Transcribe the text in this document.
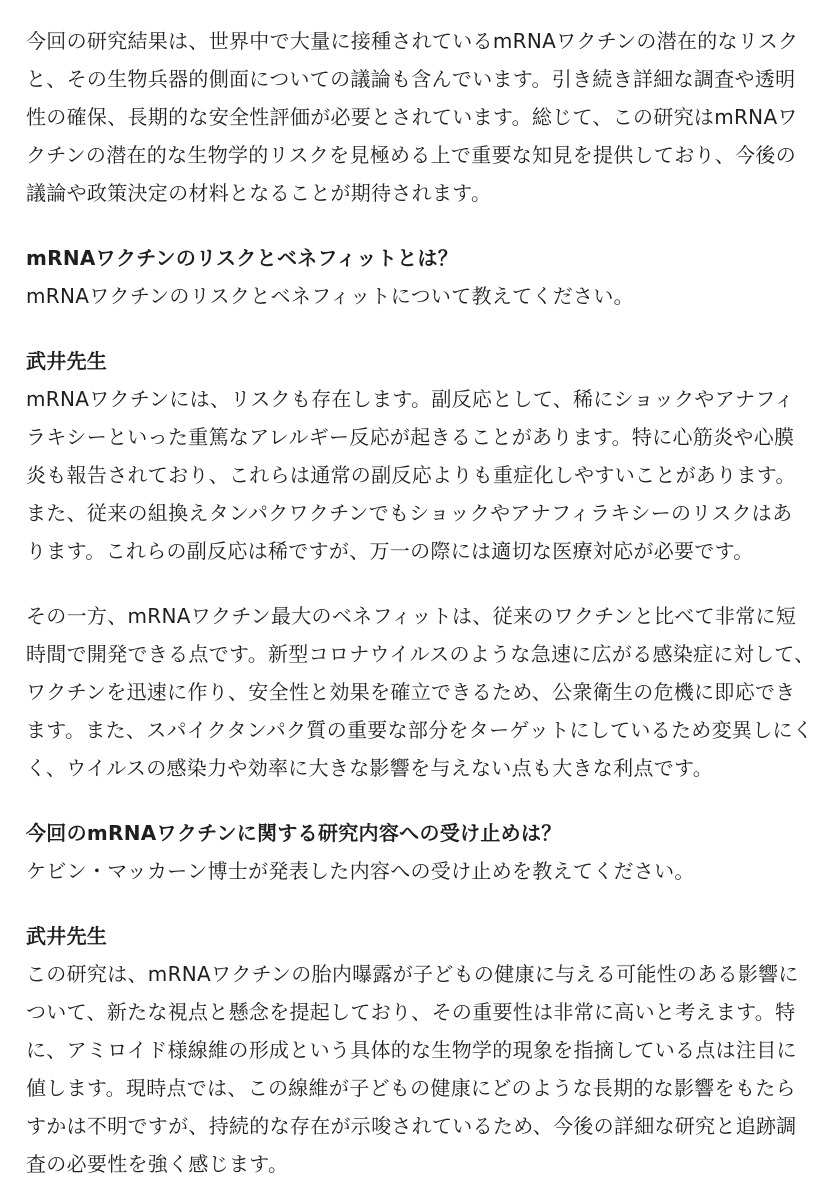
今回の研究結果は、世界中で大量に接種されているmRNAワクチンの潜在的なリスク
と、その生物兵器的側面についての議論も含んでいます。引き続き詳細な調査や透明
性の確保、長期的な安全性評価が必要とされています。総じて、この研究はmRNAワ
クチンの潜在的な生物学的リスクを見極める上で重要な知見を提供しており、今後の
議論や政策決定の材料となることが期待されます。
mRNAワクチンのリスクとベネフィットとは？
mRNAワクチンのリスクとベネフィットについて教えてください。
武井先生
mRNAワクチンには、リスクも存在します。副反応として、稀にショックやアナフィ
ラキシーといった重篤なアレルギー反応が起きることがあります。特に心筋炎や心膜
炎も報告されており、これらは通常の副反応よりも重症化しやすいことがあります。
また、従来の組換えタンパクワクチンでもショックやアナフィラキシーのリスクはあ
ります。これらの副反応は稀ですが、万一の際には適切な医療対応が必要です。
その一方、mRNAワクチン最大のベネフィットは、従来のワクチンと比べて非常に短
時間で開発できる点です。新型コロナウイルスのような急速に広がる感染症に対して、
ワクチンを迅速に作り、安全性と効果を確立できるため、公衆衛生の危機に即応でき
ます。また、スパイクタンパク質の重要な部分をターゲットにしているため変異しにく
く、ウイルスの感染力や効率に大きな影響を与えない点も大きな利点です。
今回のmRNAワクチンに関する研究内容への受け止めは？
ケビン・マッカーン博士が発表した内容への受け止めを教えてください。
武井先生
この研究は、mRNAワクチンの胎内曝露が子どもの健康に与える可能性のある影響に
ついて、新たな視点と懸念を提起しており、その重要性は非常に高いと考えます。特
に、アミロイド様線維の形成という具体的な生物学的現象を指摘している点は注目に
値します。現時点では、この線維が子どもの健康にどのような長期的な影響をもたら
すかは不明ですが、持続的な存在が示唆されているため、今後の詳細な研究と追跡調
査の必要性を強く感じます。
